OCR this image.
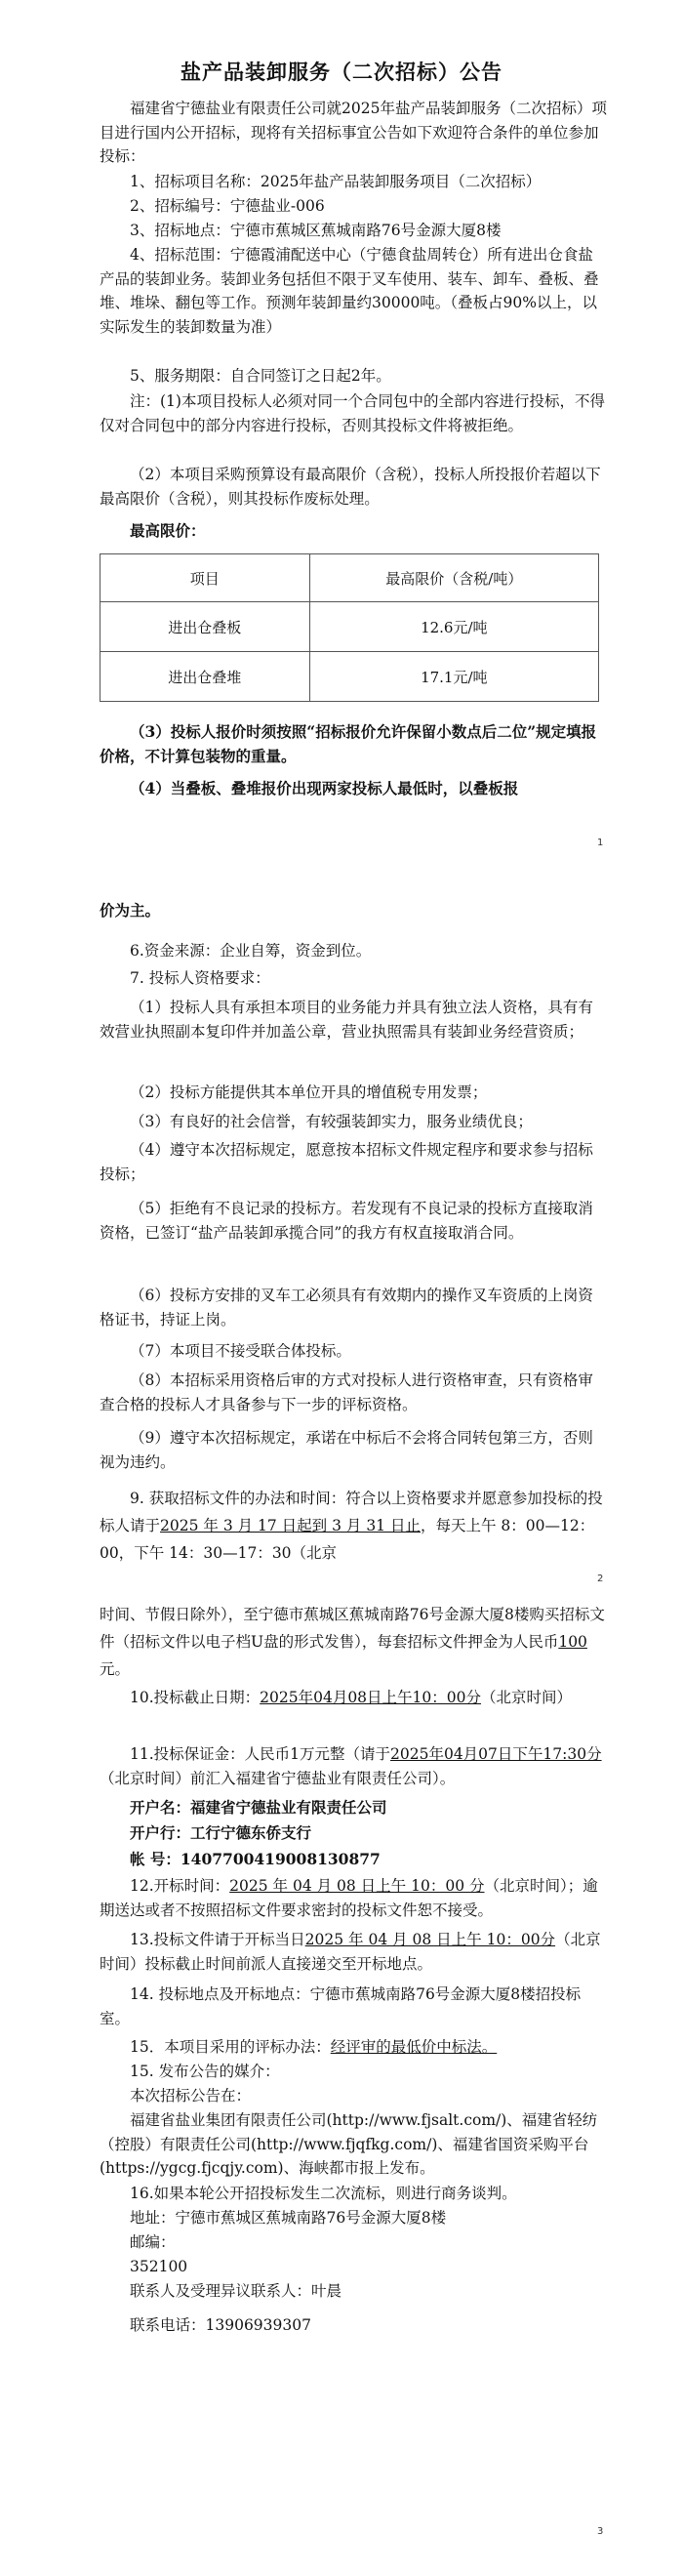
盐产品装卸服务（二次招标）公告
福建省宁德盐业有限责任公司就2025年盐产品装卸服务（二次招标）项目进行国内公开招标，现将有关招标事宜公告如下欢迎符合条件的单位参加投标：
1、招标项目名称：2025年盐产品装卸服务项目（二次招标）
2、招标编号：宁德盐业-006
3、招标地点：宁德市蕉城区蕉城南路76号金源大厦8楼
4、招标范围：宁德霞浦配送中心（宁德食盐周转仓）所有进出仓食盐产品的装卸业务。装卸业务包括但不限于叉车使用、装车、卸车、叠板、叠堆、堆垛、翻包等工作。预测年装卸量约30000吨。（叠板占90%以上，以实际发生的装卸数量为准）
5、服务期限：自合同签订之日起2年。
注：(1)本项目投标人必须对同一个合同包中的全部内容进行投标，不得仅对合同包中的部分内容进行投标，否则其投标文件将被拒绝。
（2）本项目采购预算设有最高限价（含税），投标人所投报价若超以下最高限价（含税），则其投标作废标处理。
最高限价：
项目	最高限价（含税/吨）
进出仓叠板	12.6元/吨
进出仓叠堆	17.1元/吨
（3）投标人报价时须按照“招标报价允许保留小数点后二位”规定填报价格，不计算包装物的重量。
（4）当叠板、叠堆报价出现两家投标人最低时，以叠板报
1
价为主。
6.资金来源：企业自筹，资金到位。
7. 投标人资格要求：
（1）投标人具有承担本项目的业务能力并具有独立法人资格，具有有效营业执照副本复印件并加盖公章，营业执照需具有装卸业务经营资质；
（2）投标方能提供其本单位开具的增值税专用发票；
（3）有良好的社会信誉，有较强装卸实力，服务业绩优良；
（4）遵守本次招标规定，愿意按本招标文件规定程序和要求参与招标投标；
（5）拒绝有不良记录的投标方。若发现有不良记录的投标方直接取消资格，已签订“盐产品装卸承揽合同”的我方有权直接取消合同。
（6）投标方安排的叉车工必须具有有效期内的操作叉车资质的上岗资格证书，持证上岗。
（7）本项目不接受联合体投标。
（8）本招标采用资格后审的方式对投标人进行资格审查，只有资格审查合格的投标人才具备参与下一步的评标资格。
（9）遵守本次招标规定，承诺在中标后不会将合同转包第三方，否则视为违约。
9. 获取招标文件的办法和时间：符合以上资格要求并愿意参加投标的投标人请于2025 年 3 月 17 日起到 3 月 31 日止，每天上午 8：00—12：00，下午 14：30—17：30（北京
2
时间、节假日除外），至宁德市蕉城区蕉城南路76号金源大厦8楼购买招标文件（招标文件以电子档U盘的形式发售），每套招标文件押金为人民币100元。
10.投标截止日期：2025年04月08日上午10：00分（北京时间）
11.投标保证金：人民币1万元整（请于2025年04月07日下午17:30分（北京时间）前汇入福建省宁德盐业有限责任公司）。
开户名：福建省宁德盐业有限责任公司
开户行：工行宁德东侨支行
帐 号：1407700419008130877
12.开标时间：2025 年 04 月 08 日上午 10：00 分（北京时间）；逾期送达或者不按照招标文件要求密封的投标文件恕不接受。
13.投标文件请于开标当日2025 年 04 月 08 日上午 10：00分（北京时间）投标截止时间前派人直接递交至开标地点。
14. 投标地点及开标地点：宁德市蕉城南路76号金源大厦8楼招投标室。
15．本项目采用的评标办法：经评审的最低价中标法。
15. 发布公告的媒介：
本次招标公告在：
福建省盐业集团有限责任公司(http://www.fjsalt.com/)、福建省轻纺（控股）有限责任公司(http://www.fjqfkg.com/)、福建省国资采购平台(https://ygcg.fjcqjy.com)、海峡都市报上发布。
16.如果本轮公开招投标发生二次流标，则进行商务谈判。
地址：宁德市蕉城区蕉城南路76号金源大厦8楼
邮编：
352100
联系人及受理异议联系人：叶晨
联系电话：13906939307
3
